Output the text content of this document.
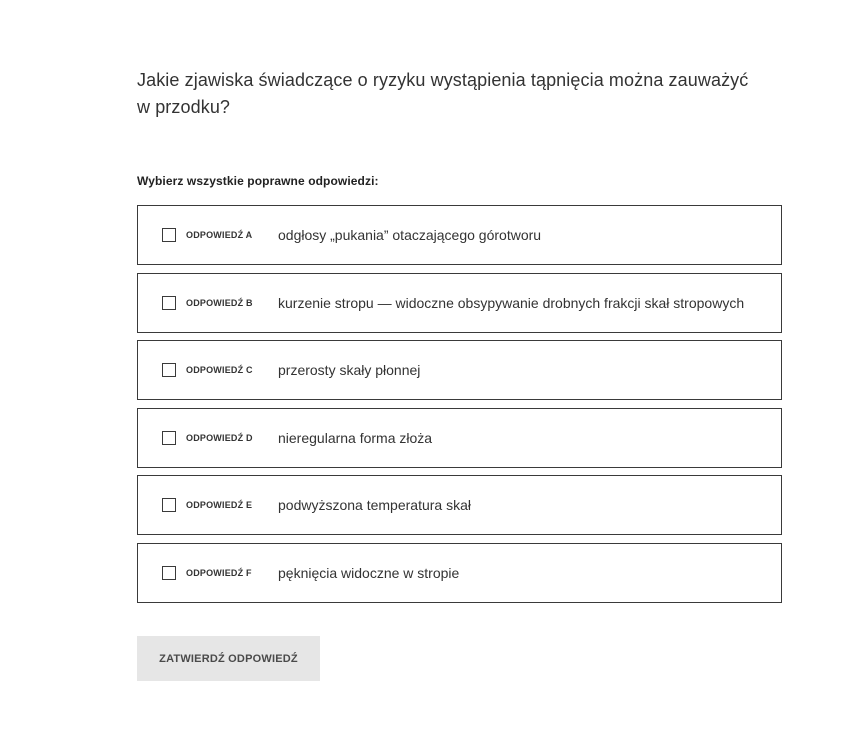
Jakie zjawiska świadczące o ryzyku wystąpienia tąpnięcia można zauważyć w przodku?
Wybierz wszystkie poprawne odpowiedzi:
ODPOWIEDŹ A odgłosy „pukania” otaczającego górotworu
ODPOWIEDŹ B kurzenie stropu — widoczne obsypywanie drobnych frakcji skał stropowych
ODPOWIEDŹ C przerosty skały płonnej
ODPOWIEDŹ D nieregularna forma złoża
ODPOWIEDŹ E podwyższona temperatura skał
ODPOWIEDŹ F pęknięcia widoczne w stropie
ZATWIERDŹ ODPOWIEDŹ
